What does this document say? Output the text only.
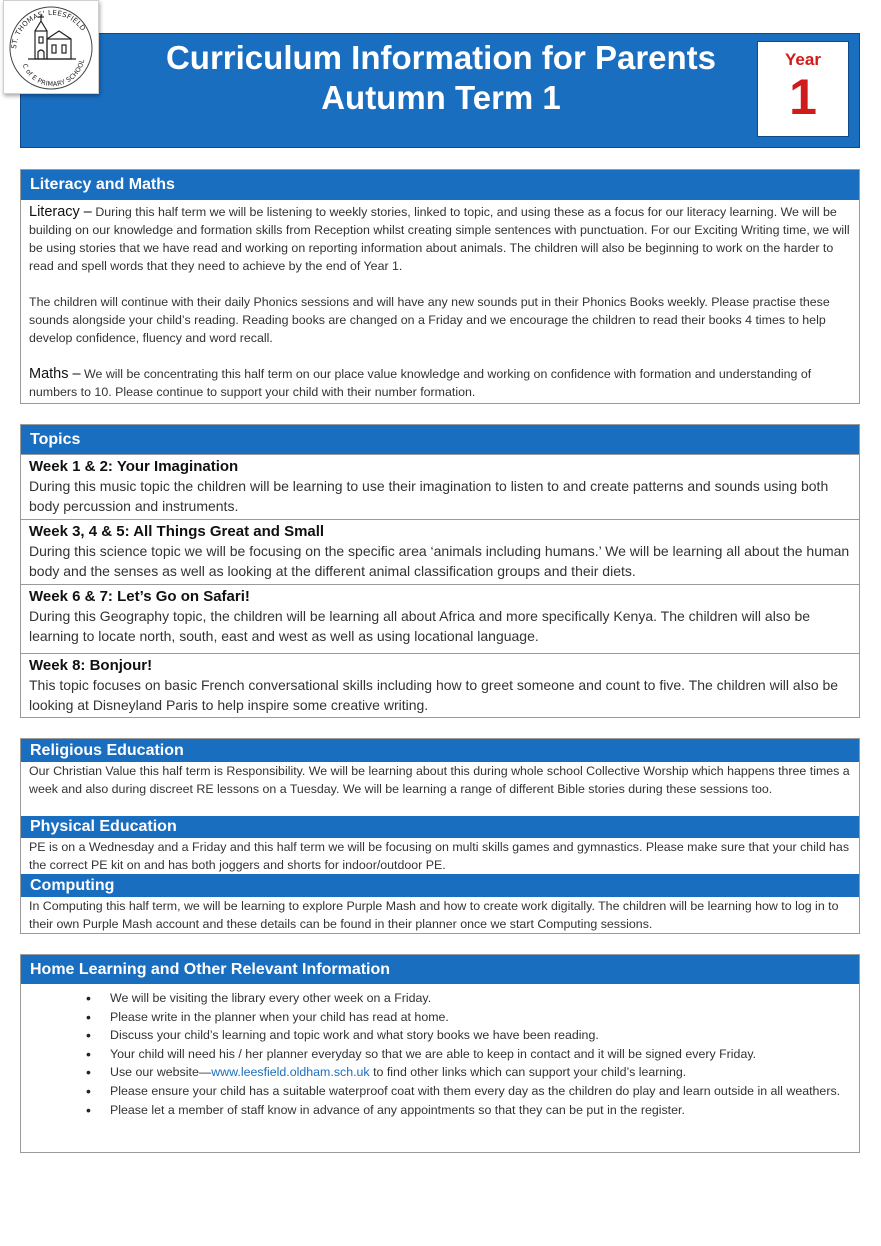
Curriculum Information for Parents
Autumn Term 1
Year
1
ST. THOMAS' LEESFIELD
C of E PRIMARY SCHOOL
Literacy and Maths

Literacy – During this half term we will be listening to weekly stories, linked to topic, and using these as a focus for our literacy learning. We will be building on our knowledge and formation skills from Reception whilst creating simple sentences with punctuation. For our Exciting Writing time, we will be using stories that we have read and working on reporting information about animals. The children will also be beginning to work on the harder to read and spell words that they need to achieve by the end of Year 1.

The children will continue with their daily Phonics sessions and will have any new sounds put in their Phonics Books weekly. Please practise these sounds alongside your child’s reading. Reading books are changed on a Friday and we encourage the children to read their books 4 times to help develop confidence, fluency and word recall.

Maths – We will be concentrating this half term on our place value knowledge and working on confidence with formation and understanding of numbers to 10. Please continue to support your child with their number formation.

Topics
Week 1 & 2: Your Imagination
During this music topic the children will be learning to use their imagination to listen to and create patterns and sounds using both body percussion and instruments.
Week 3, 4 & 5: All Things Great and Small
During this science topic we will be focusing on the specific area ‘animals including humans.’ We will be learning all about the human body and the senses as well as looking at the different animal classification groups and their diets.
Week 6 & 7: Let’s Go on Safari!
During this Geography topic, the children will be learning all about Africa and more specifically Kenya. The children will also be learning to locate north, south, east and west as well as using locational language.
Week 8: Bonjour!
This topic focuses on basic French conversational skills including how to greet someone and count to five. The children will also be looking at Disneyland Paris to help inspire some creative writing.
Religious Education
Our Christian Value this half term is Responsibility. We will be learning about this during whole school Collective Worship which happens three times a week and also during discreet RE lessons on a Tuesday. We will be learning a range of different Bible stories during these sessions too.
Physical Education
PE is on a Wednesday and a Friday and this half term we will be focusing on multi skills games and gymnastics. Please make sure that your child has the correct PE kit on and has both joggers and shorts for indoor/outdoor PE.
Computing
In Computing this half term, we will be learning to explore Purple Mash and how to create work digitally. The children will be learning how to log in to their own Purple Mash account and these details can be found in their planner once we start Computing sessions.
Home Learning and Other Relevant Information
• We will be visiting the library every other week on a Friday.
• Please write in the planner when your child has read at home.
• Discuss your child’s learning and topic work and what story books we have been reading.
• Your child will need his / her planner everyday so that we are able to keep in contact and it will be signed every Friday.
• Use our website—www.leesfield.oldham.sch.uk to find other links which can support your child’s learning.
• Please ensure your child has a suitable waterproof coat with them every day as the children do play and learn outside in all weathers.
• Please let a member of staff know in advance of any appointments so that they can be put in the register.
